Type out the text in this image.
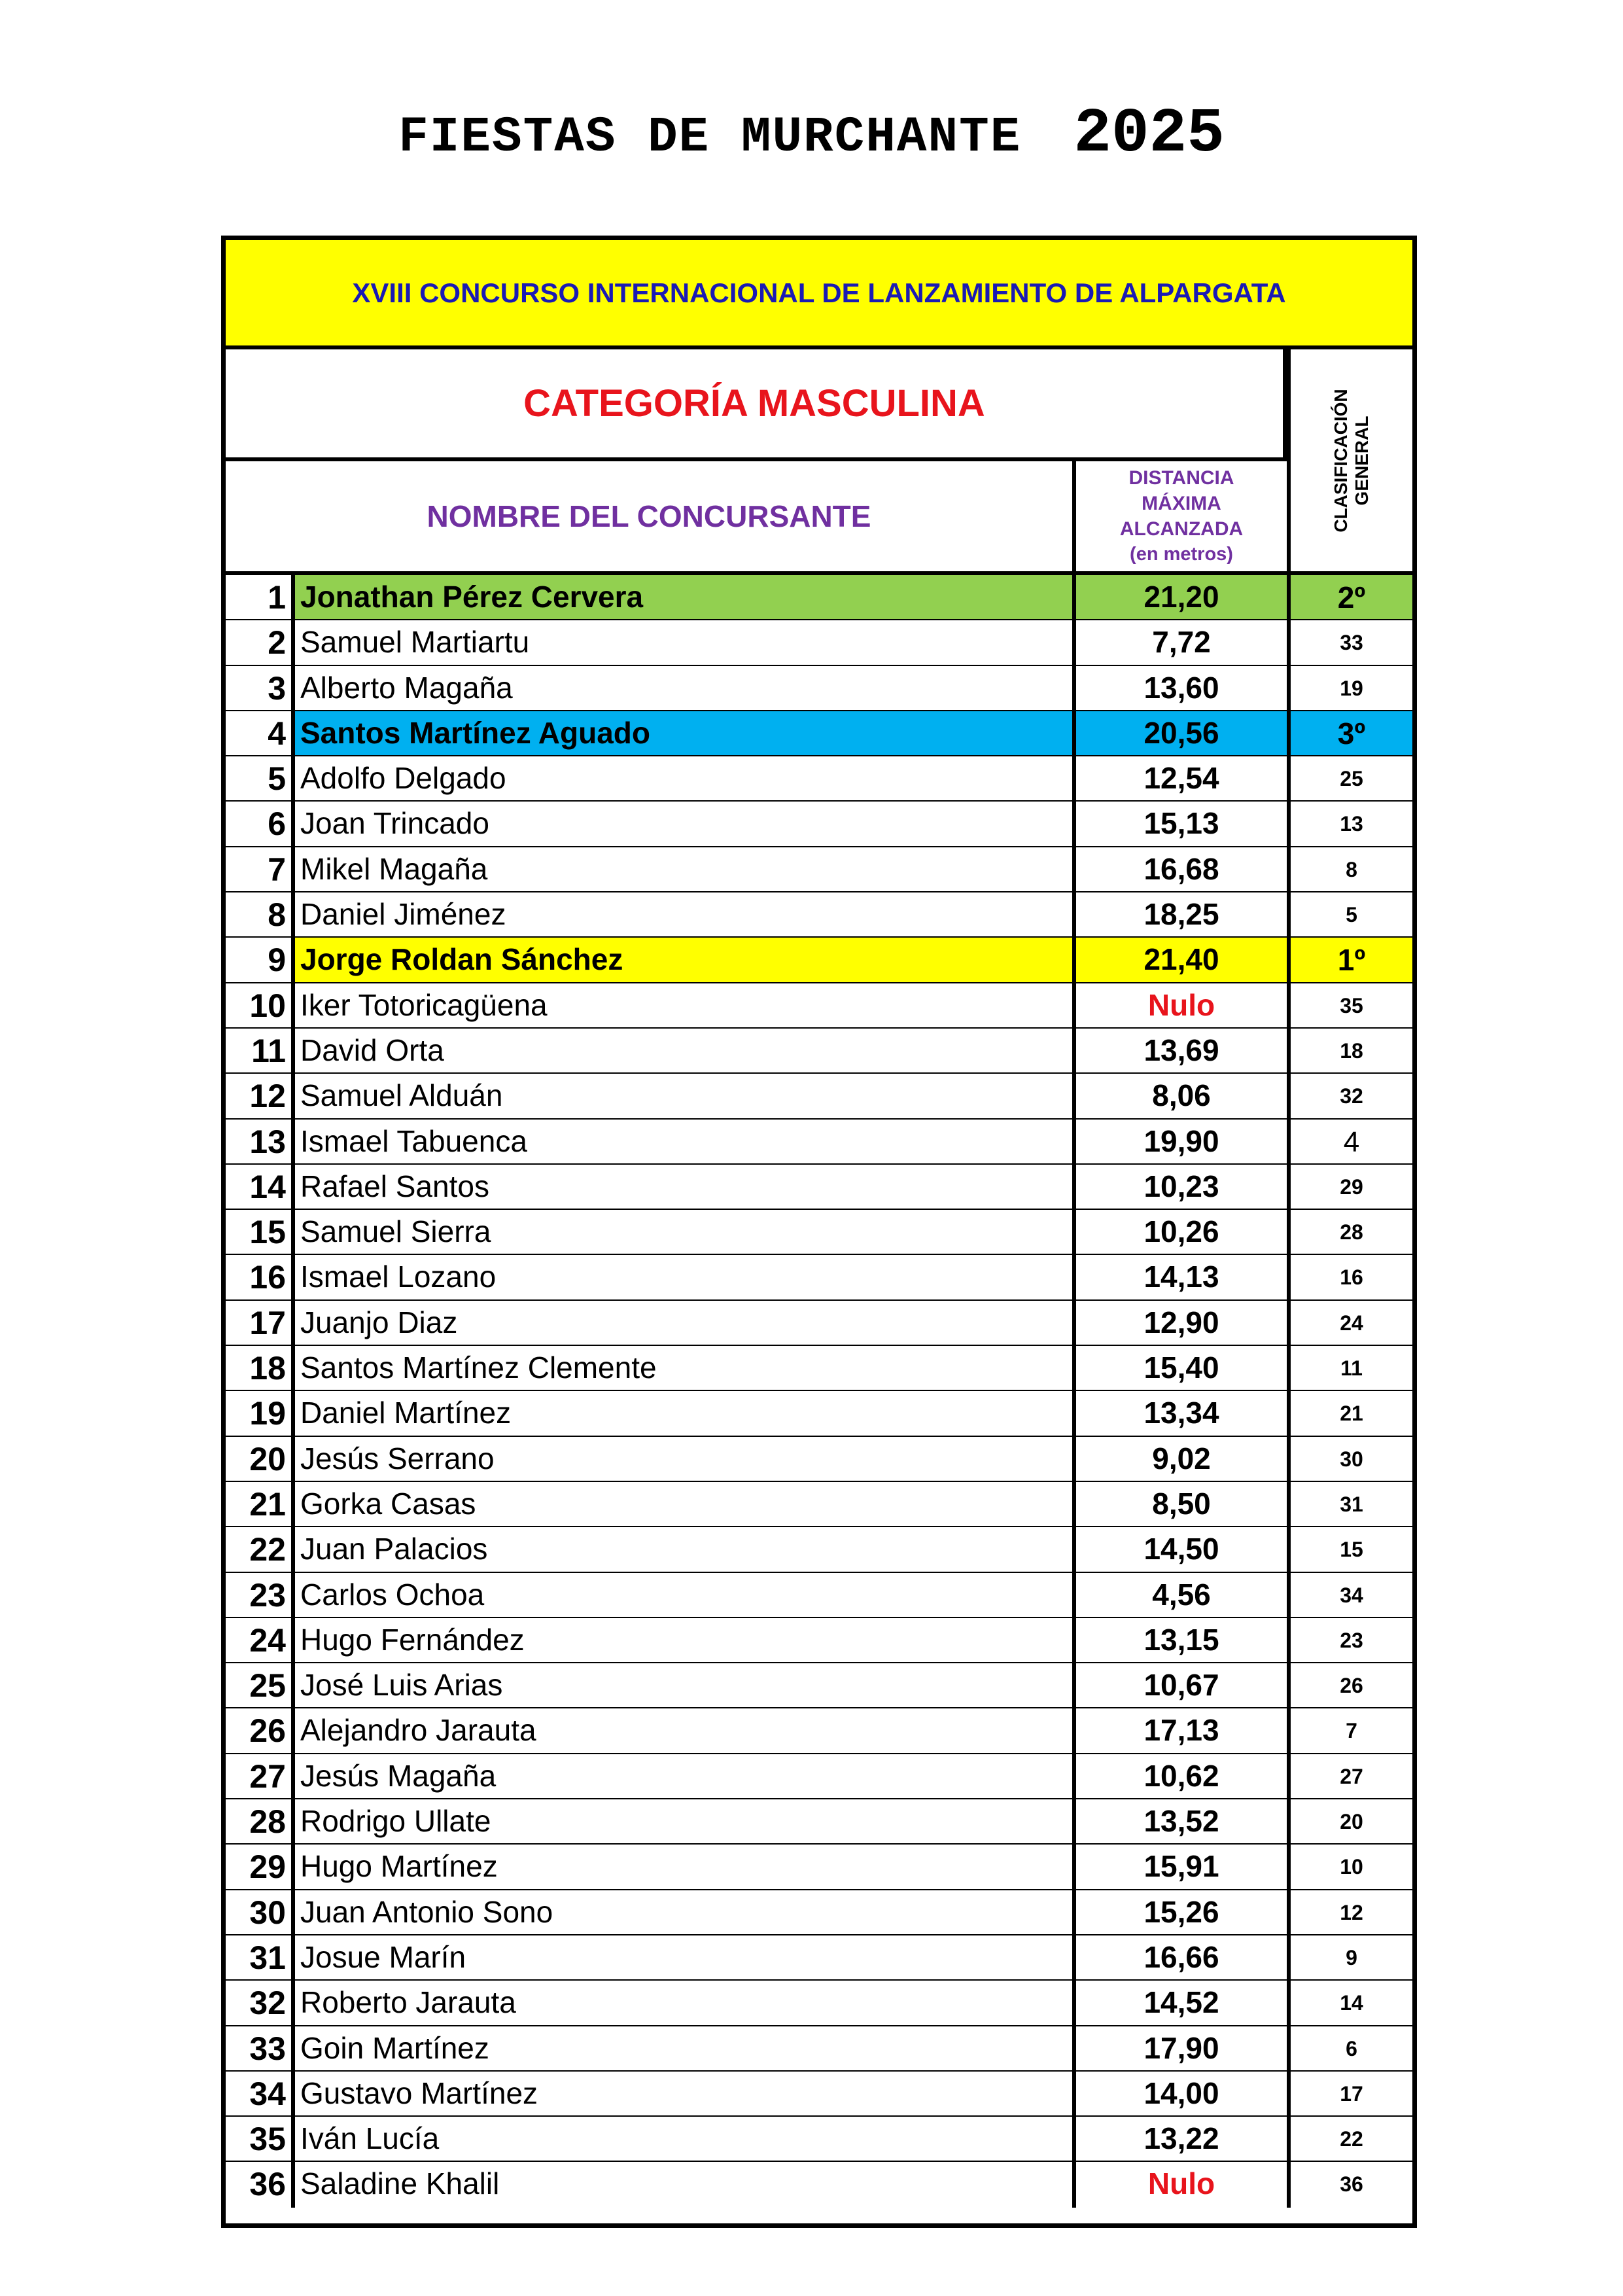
FIESTAS DE MURCHANTE 2025
XVIII CONCURSO INTERNACIONAL DE LANZAMIENTO DE ALPARGATA
CATEGORÍA MASCULINA	CLASIFICACIÓN GENERAL
NOMBRE DEL CONCURSANTE
DISTANCIA
MÁXIMA
ALCANZADA
(en metros)
1 Jonathan Pérez Cervera	21,20	2º
2 Samuel Martiartu	7,72	33
3 Alberto Magaña	13,60	19
4 Santos Martínez Aguado	20,56	3º
5 Adolfo Delgado	12,54	25
6 Joan Trincado	15,13	13
7 Mikel Magaña	16,68	8
8 Daniel Jiménez	18,25	5
9 Jorge Roldan Sánchez	21,40	1º
10 Iker Totoricagüena	Nulo	35
11 David Orta	13,69	18
12 Samuel Alduán	8,06	32
13 Ismael Tabuenca	19,90	4
14 Rafael Santos	10,23	29
15 Samuel Sierra	10,26	28
16 Ismael Lozano	14,13	16
17 Juanjo Diaz	12,90	24
18 Santos Martínez Clemente	15,40	11
19 Daniel Martínez	13,34	21
20 Jesús Serrano	9,02	30
21 Gorka Casas	8,50	31
22 Juan Palacios	14,50	15
23 Carlos Ochoa	4,56	34
24 Hugo Fernández	13,15	23
25 José Luis Arias	10,67	26
26 Alejandro Jarauta	17,13	7
27 Jesús Magaña	10,62	27
28 Rodrigo Ullate	13,52	20
29 Hugo Martínez	15,91	10
30 Juan Antonio Sono	15,26	12
31 Josue Marín	16,66	9
32 Roberto Jarauta	14,52	14
33 Goin Martínez	17,90	6
34 Gustavo Martínez	14,00	17
35 Iván Lucía	13,22	22
36 Saladine Khalil	Nulo	36
